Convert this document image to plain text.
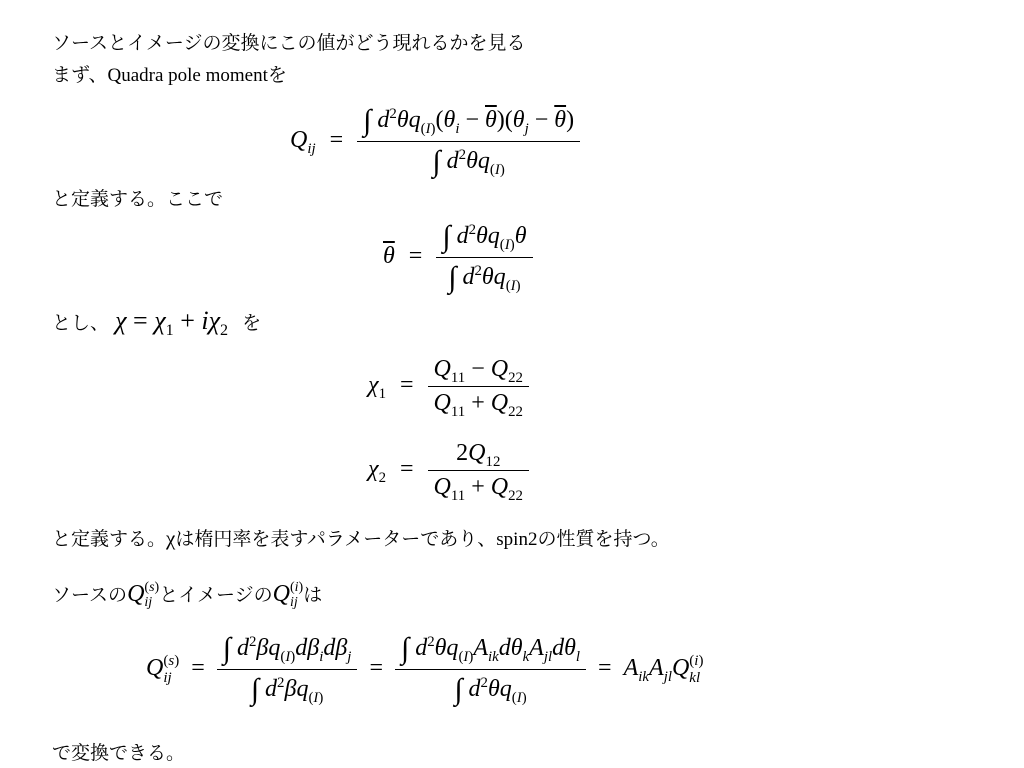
ソースとイメージの変換にこの値がどう現れるかを見る
まず、Quadra pole momentを
$Q_{ij} = \frac{\int d^2\theta q_{(I)}(\theta_i - \overline{\theta})(\theta_j - \overline{\theta})}{\int d^2\theta q_{(I)}}$
と定義する。ここで
$\overline{\theta} = \frac{\int d^2\theta q_{(I)}\theta}{\int d^2\theta q_{(I)}}$
とし、 $\chi = \chi_1 + i\chi_2$ を
$\chi_1 = \frac{Q_{11} - Q_{22}}{Q_{11} + Q_{22}}$
$\chi_2 = \frac{2Q_{12}}{Q_{11} + Q_{22}}$
と定義する。χは楕円率を表すパラメーターであり、spin2の性質を持つ。
ソースのQ (s)
ij とイメージのQ (i)
ij は
Q (s)
ij = $\frac{\int d^2\beta q_{(I)}d\beta_id\beta_j}{\int d^2\beta q_{(I)}} = \frac{\int d^2\theta q_{(I)}A_{ik}d\theta_kA_{jl}d\theta_l}{\int d^2\theta q_{(I)}} = A_{ik}A_{jl}Q$ (i)
kl
で変換できる。
